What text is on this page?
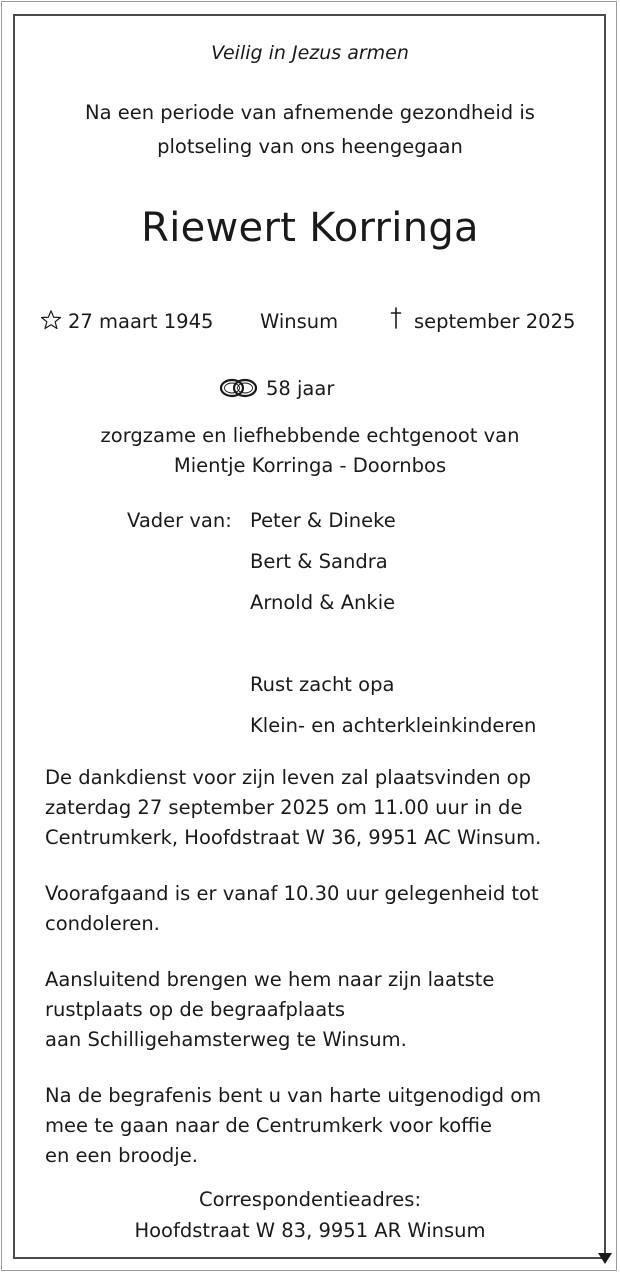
Veilig in Jezus armen
Na een periode van afnemende gezondheid is
plotseling van ons heengegaan
Riewert Korringa
27 maart 1945 Winsum	september 2025
58 jaar
zorgzame en liefhebbende echtgenoot van
Mientje Korringa - Doornbos
Vader van: Peter & Dineke
Bert & Sandra
Arnold & Ankie
Rust zacht opa
Klein- en achterkleinkinderen
De dankdienst voor zijn leven zal plaatsvinden op
zaterdag 27 september 2025 om 11.00 uur in de
Centrumkerk, Hoofdstraat W 36, 9951 AC Winsum.
Voorafgaand is er vanaf 10.30 uur gelegenheid tot
condoleren.
Aansluitend brengen we hem naar zijn laatste
rustplaats op de begraafplaats
aan Schilligehamsterweg te Winsum.
Na de begrafenis bent u van harte uitgenodigd om
mee te gaan naar de Centrumkerk voor koffie
en een broodje.
Correspondentieadres:
Hoofdstraat W 83, 9951 AR Winsum
